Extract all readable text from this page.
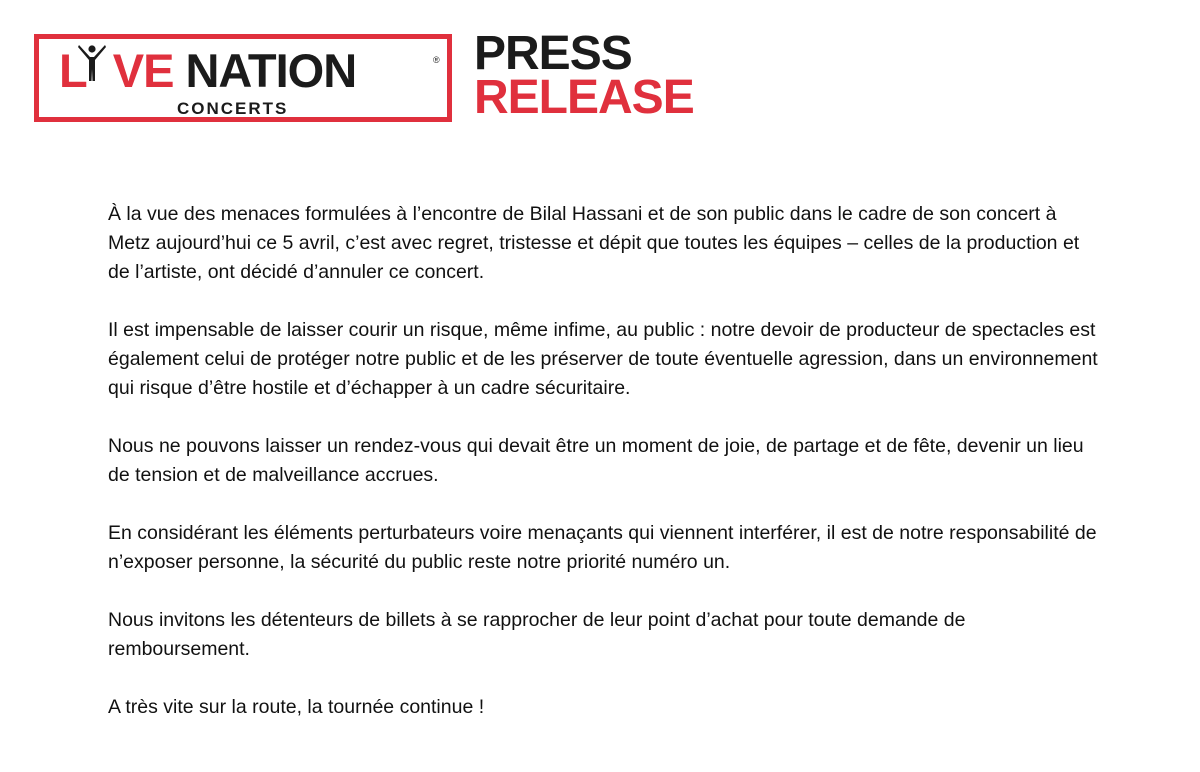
L VE NATION	®
CONCERTS
PRESS
RELEASE

À la vue des menaces formulées à l’encontre de Bilal Hassani et de son public dans le cadre de son concert à Metz aujourd’hui ce 5 avril, c’est avec regret, tristesse et dépit que toutes les équipes – celles de la production et de l’artiste, ont décidé d’annuler ce concert.

Il est impensable de laisser courir un risque, même infime, au public : notre devoir de producteur de spectacles est également celui de protéger notre public et de les préserver de toute éventuelle agression, dans un environnement qui risque d’être hostile et d’échapper à un cadre sécuritaire.

Nous ne pouvons laisser un rendez-vous qui devait être un moment de joie, de partage et de fête, devenir un lieu de tension et de malveillance accrues.

En considérant les éléments perturbateurs voire menaçants qui viennent interférer, il est de notre responsabilité de n’exposer personne, la sécurité du public reste notre priorité numéro un.

Nous invitons les détenteurs de billets à se rapprocher de leur point d’achat pour toute demande de remboursement.

A très vite sur la route, la tournée continue !
